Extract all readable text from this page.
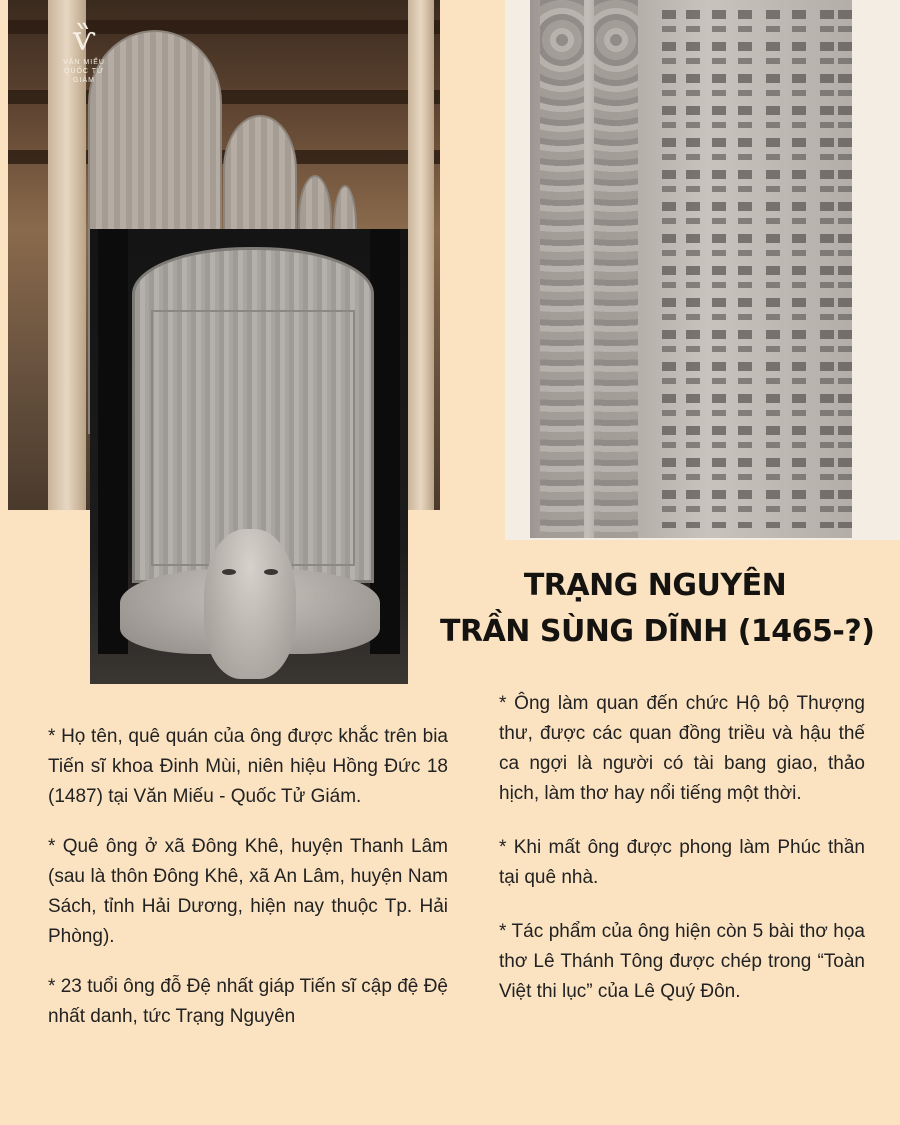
ѷ
VĂN MIẾU
QUỐC TỬ GIÁM
TRẠNG NGUYÊN
TRẦN SÙNG DĨNH (1465-?)

* Họ tên, quê quán của ông được khắc trên bia Tiến sĩ khoa Đinh Mùi, niên hiệu Hồng Đức 18 (1487) tại Văn Miếu - Quốc Tử Giám.

* Quê ông ở xã Đông Khê, huyện Thanh Lâm (sau là thôn Đông Khê, xã An Lâm, huyện Nam Sách, tỉnh Hải Dương, hiện nay thuộc Tp. Hải Phòng).

* 23 tuổi ông đỗ Đệ nhất giáp Tiến sĩ cập đệ Đệ nhất danh, tức Trạng Nguyên

* Ông làm quan đến chức Hộ bộ Thượng thư, được các quan đồng triều và hậu thế ca ngợi là người có tài bang giao, thảo hịch, làm thơ hay nổi tiếng một thời.

* Khi mất ông được phong làm Phúc thần tại quê nhà.

* Tác phẩm của ông hiện còn 5 bài thơ họa thơ Lê Thánh Tông được chép trong “Toàn Việt thi lục” của Lê Quý Đôn.
